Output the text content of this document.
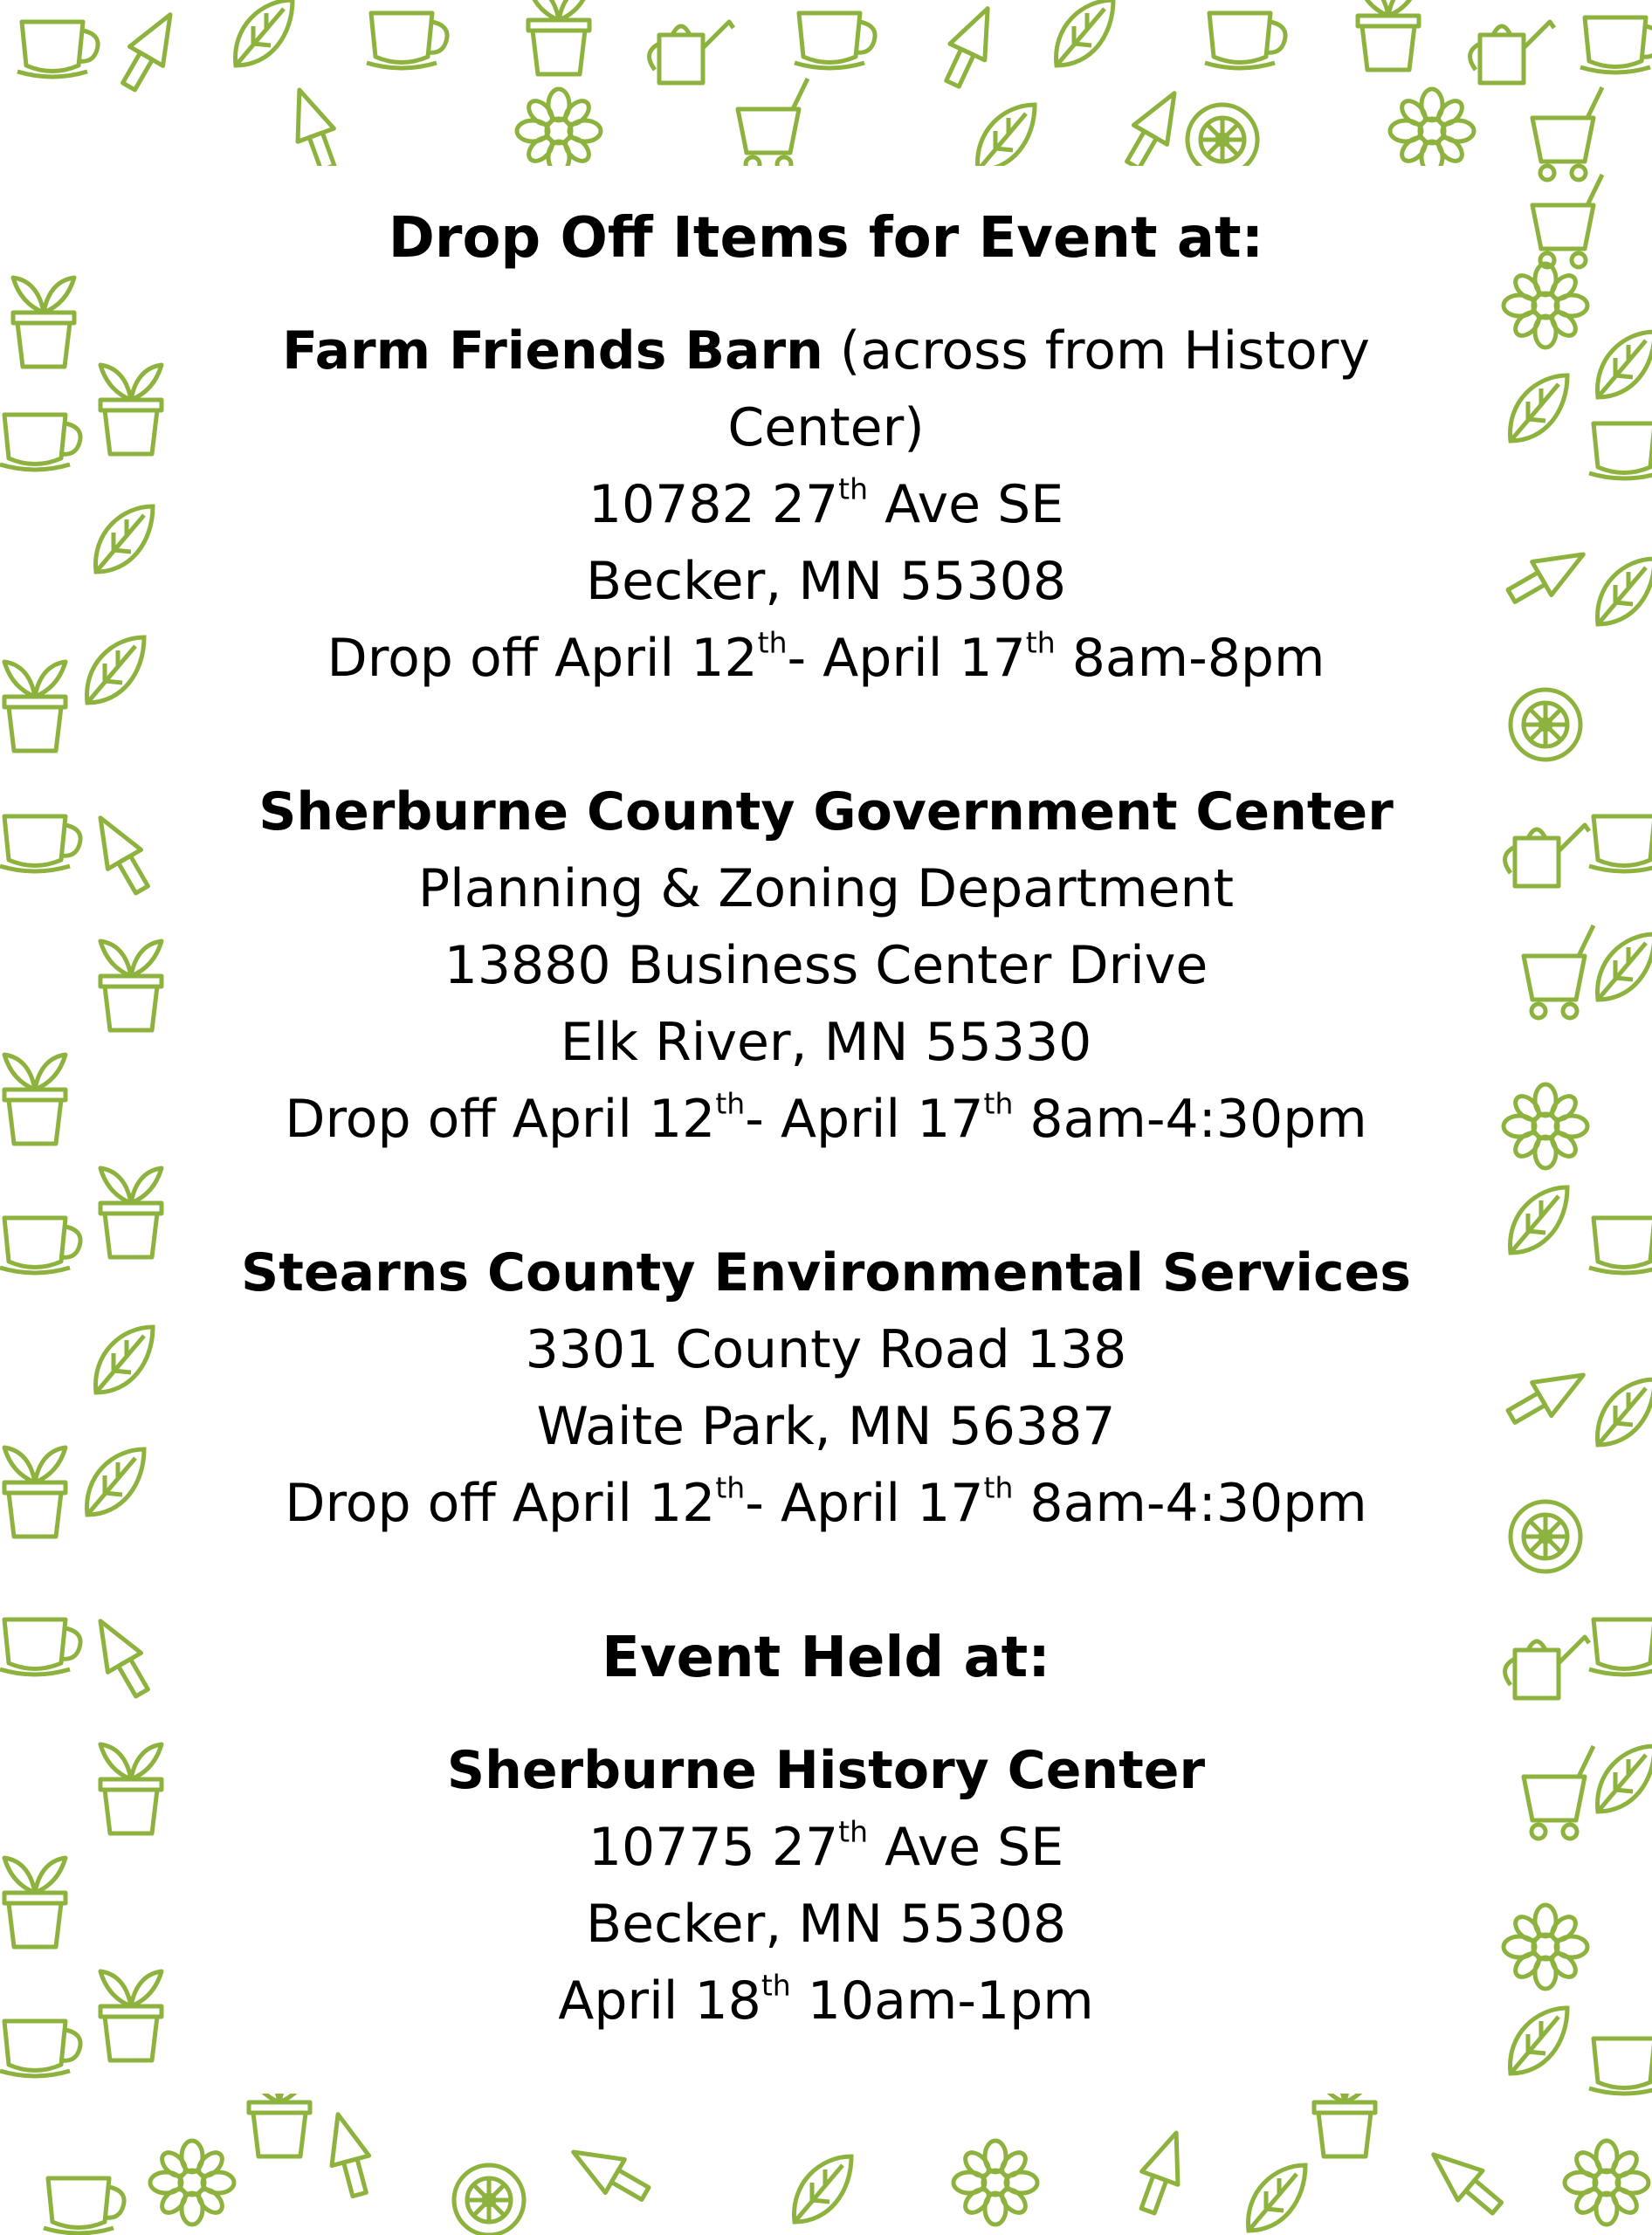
Drop Off Items for Event at:
Farm Friends Barn (across from History
Center)
10782 27th Ave SE
Becker, MN 55308
Drop off April 12th- April 17th 8am-8pm
Sherburne County Government Center
Planning & Zoning Department
13880 Business Center Drive
Elk River, MN 55330
Drop off April 12th- April 17th 8am-4:30pm
Stearns County Environmental Services
3301 County Road 138
Waite Park, MN 56387
Drop off April 12th- April 17th 8am-4:30pm
Event Held at:
Sherburne History Center
10775 27th Ave SE
Becker, MN 55308
April 18th 10am-1pm
